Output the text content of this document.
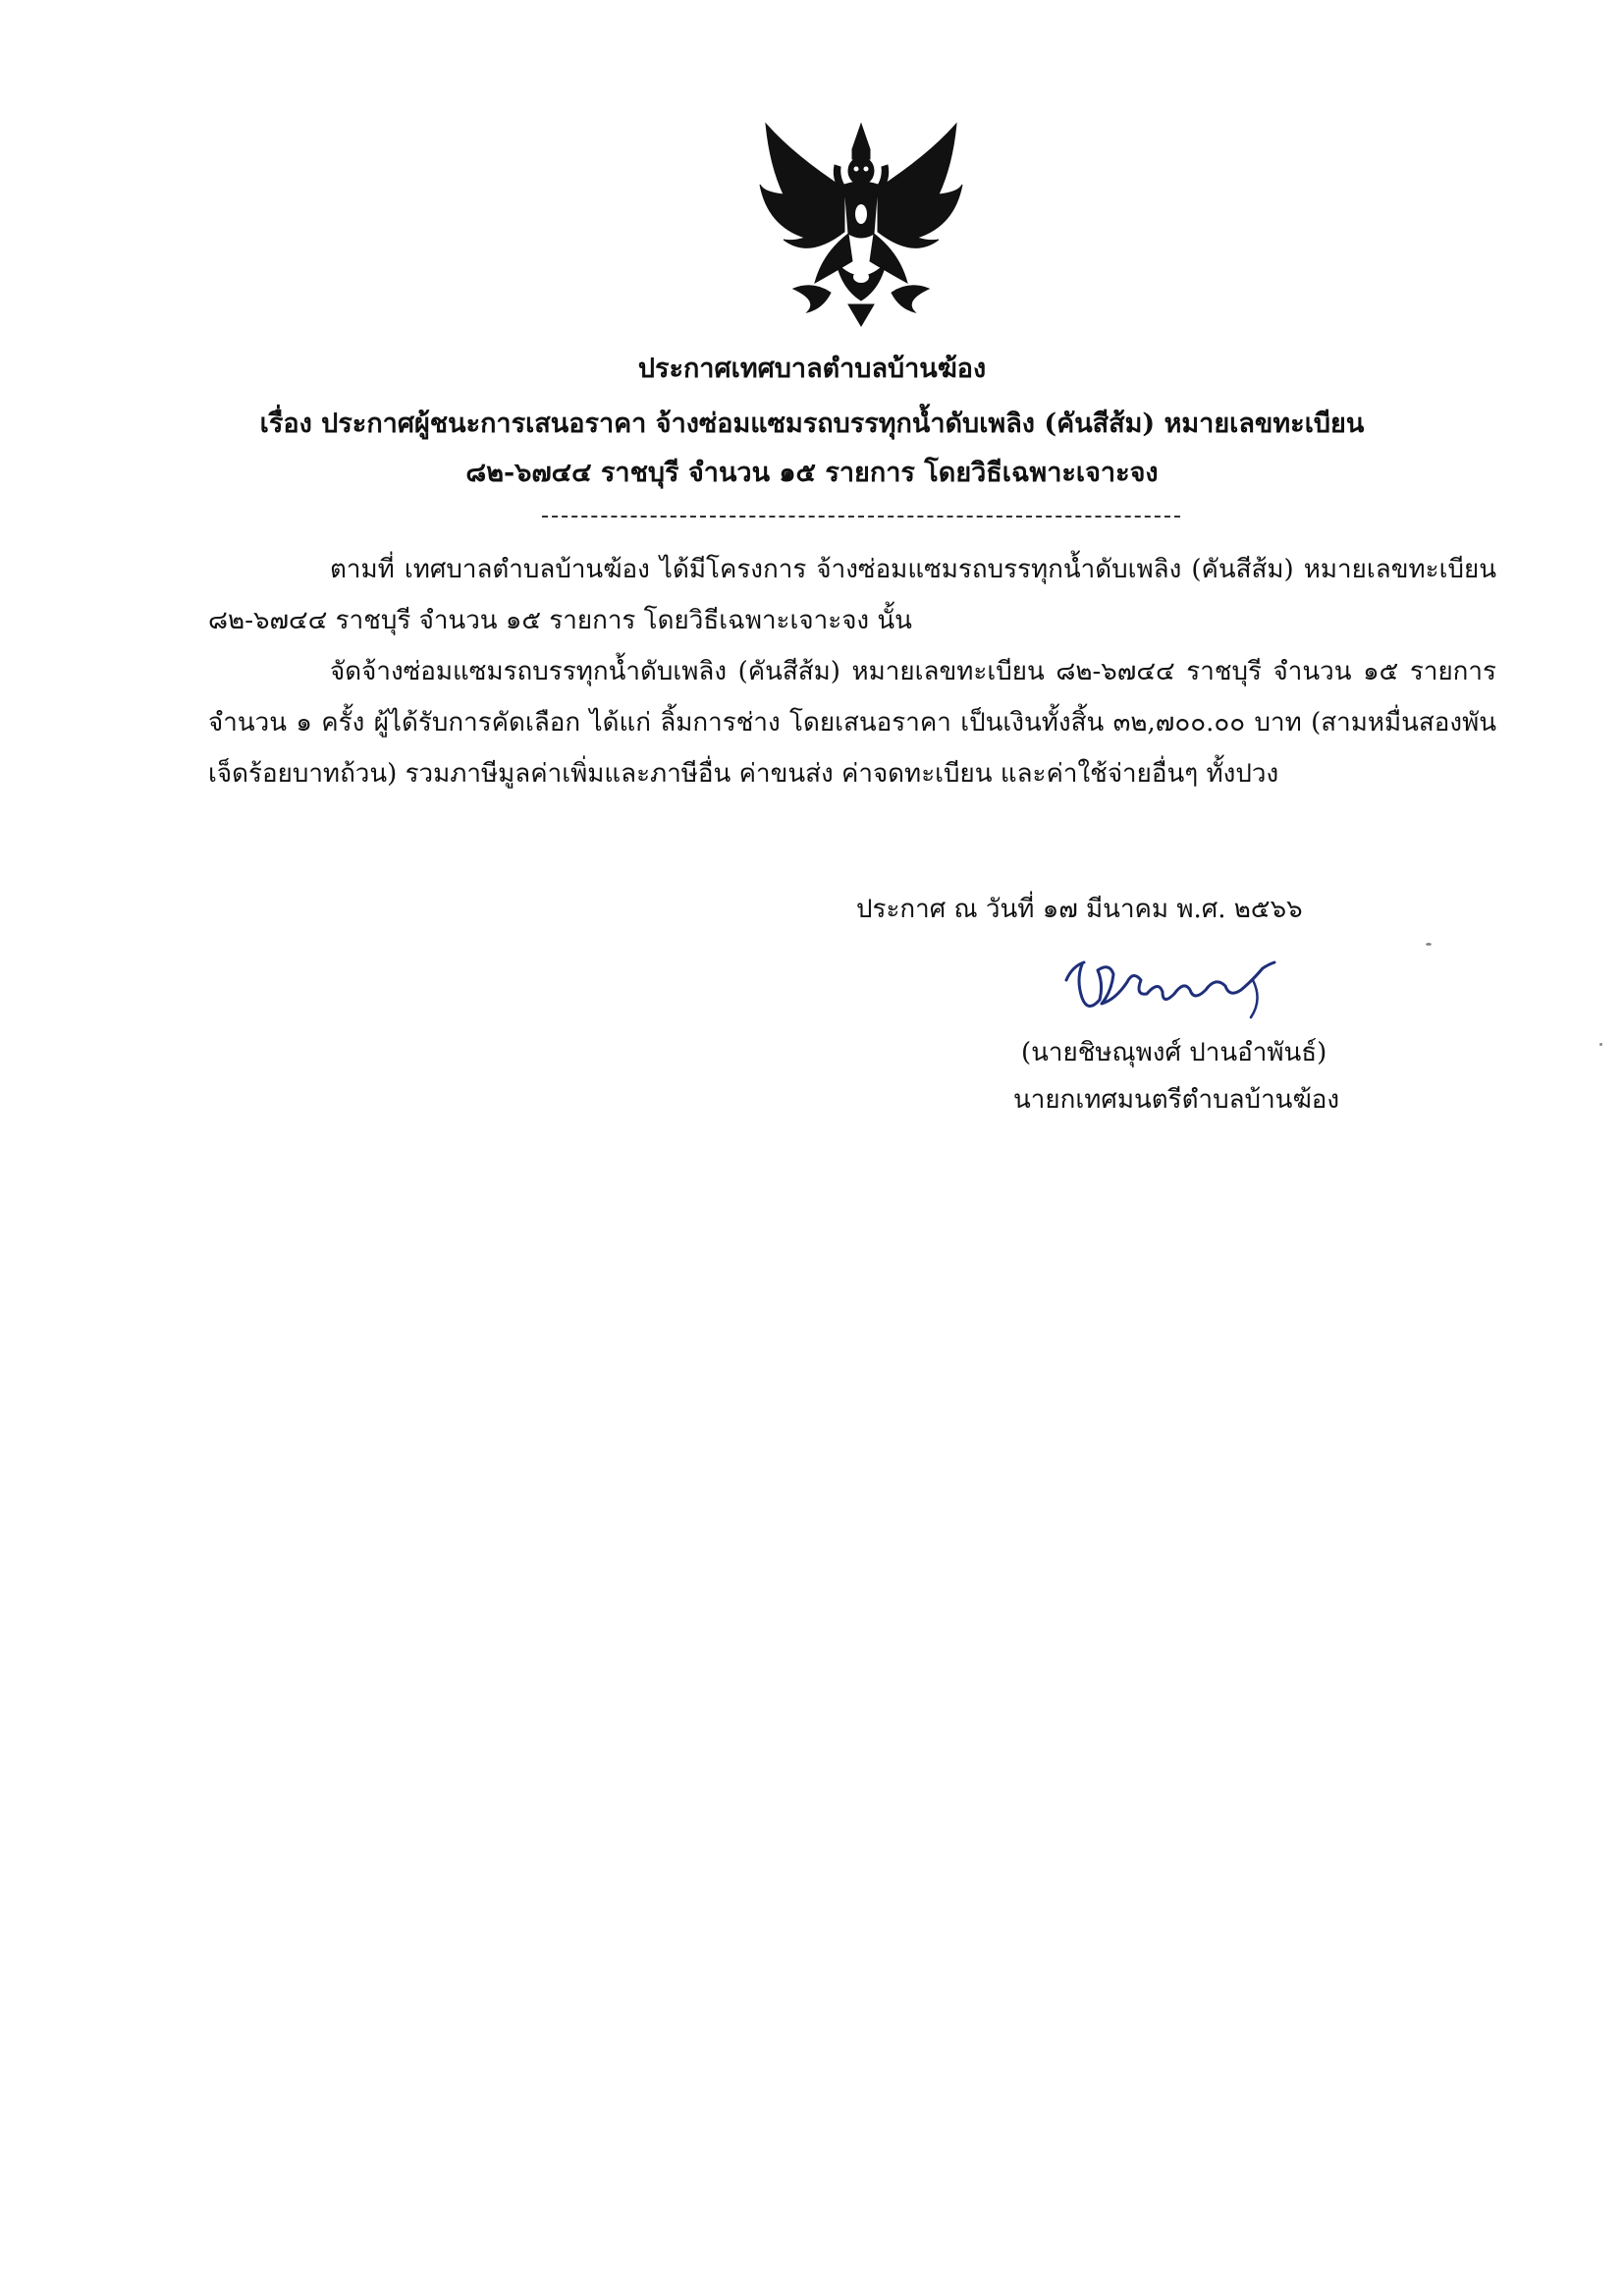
ประกาศเทศบาลตำบลบ้านฆ้อง
เรื่อง ประกาศผู้ชนะการเสนอราคา จ้างซ่อมแซมรถบรรทุกน้ำดับเพลิง (คันสีส้ม) หมายเลขทะเบียน
๘๒-๖๗๔๔ ราชบุรี จำนวน ๑๕ รายการ โดยวิธีเฉพาะเจาะจง
ตามที่ เทศบาลตำบลบ้านฆ้อง ได้มีโครงการ จ้างซ่อมแซมรถบรรทุกน้ำดับเพลิง (คันสีส้ม) หมายเลขทะเบียน ๘๒-๖๗๔๔ ราชบุรี จำนวน ๑๕ รายการ โดยวิธีเฉพาะเจาะจง นั้น
จัดจ้างซ่อมแซมรถบรรทุกน้ำดับเพลิง (คันสีส้ม) หมายเลขทะเบียน ๘๒-๖๗๔๔ ราชบุรี จำนวน ๑๕ รายการ จำนวน ๑ ครั้ง ผู้ได้รับการคัดเลือก ได้แก่ ลิ้มการช่าง โดยเสนอราคา เป็นเงินทั้งสิ้น ๓๒,๗๐๐.๐๐ บาท (สามหมื่นสองพันเจ็ดร้อยบาทถ้วน) รวมภาษีมูลค่าเพิ่มและภาษีอื่น ค่าขนส่ง ค่าจดทะเบียน และค่าใช้จ่ายอื่นๆ ทั้งปวง
ประกาศ ณ วันที่ ๑๗ มีนาคม พ.ศ. ๒๕๖๖
(นายชิษณุพงศ์ ปานอำพันธ์)
นายกเทศมนตรีตำบลบ้านฆ้อง
